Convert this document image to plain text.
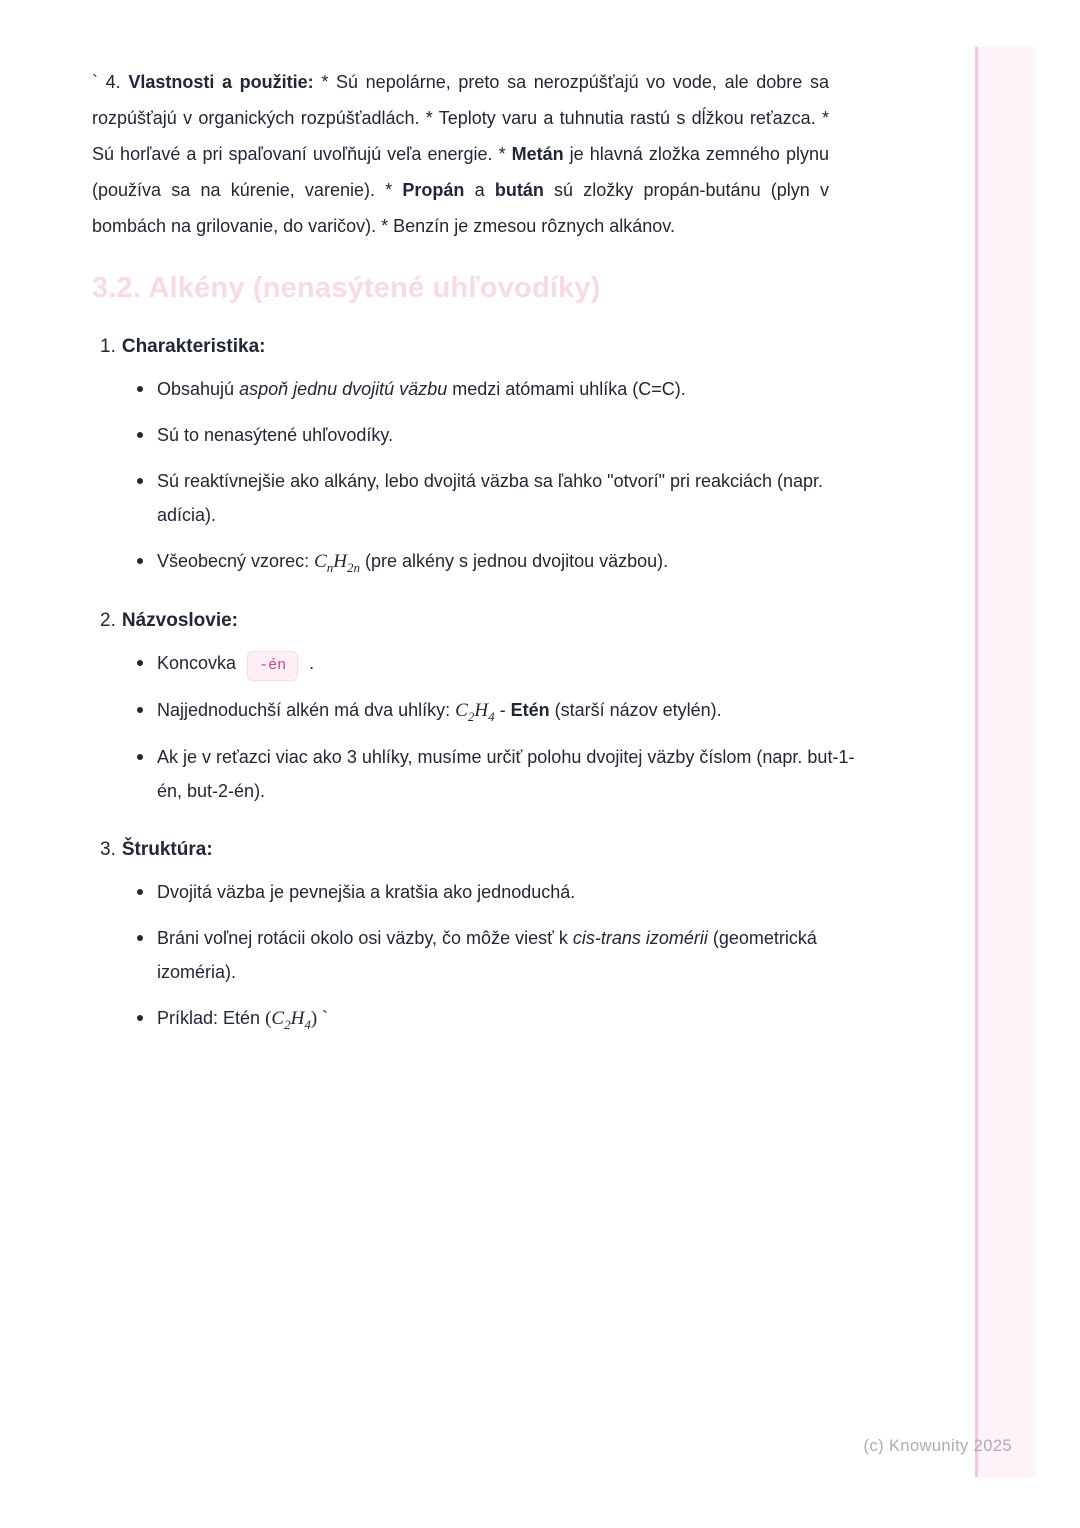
` 4. Vlastnosti a použitie: * Sú nepolárne, preto sa nerozpúšťajú vo vode, ale dobre sa rozpúšťajú v organických rozpúšťadlách. * Teploty varu a tuhnutia rastú s dĺžkou reťazca. * Sú horľavé a pri spaľovaní uvoľňujú veľa energie. * Metán je hlavná zložka zemného plynu (používa sa na kúrenie, varenie). * Propán a bután sú zložky propán-butánu (plyn v bombách na grilovanie, do varičov). * Benzín je zmesou rôznych alkánov.

3.2. Alkény (nenasýtené uhľovodíky)
1. Charakteristika:
Obsahujú aspoň jednu dvojitú väzbu medzi atómami uhlíka (C=C).
Sú to nenasýtené uhľovodíky.
Sú reaktívnejšie ako alkány, lebo dvojitá väzba sa ľahko "otvorí" pri reakciách (napr. adícia).
Všeobecný vzorec: $C_nH_{2n}$ (pre alkény s jednou dvojitou väzbou).
2. Názvoslovie:
Koncovka -én .
Najjednoduchší alkén má dva uhlíky: $C_2H_4$ - Etén (starší názov etylén).
Ak je v reťazci viac ako 3 uhlíky, musíme určiť polohu dvojitej väzby číslom (napr. but-1-én, but-2-én).
3. Štruktúra:
Dvojitá väzba je pevnejšia a kratšia ako jednoduchá.
Bráni voľnej rotácii okolo osi väzby, čo môže viesť k cis-trans izomérii (geometrická izoméria).
Príklad: Etén $(C_2H_4)$ `
(c) Knowunity 2025
